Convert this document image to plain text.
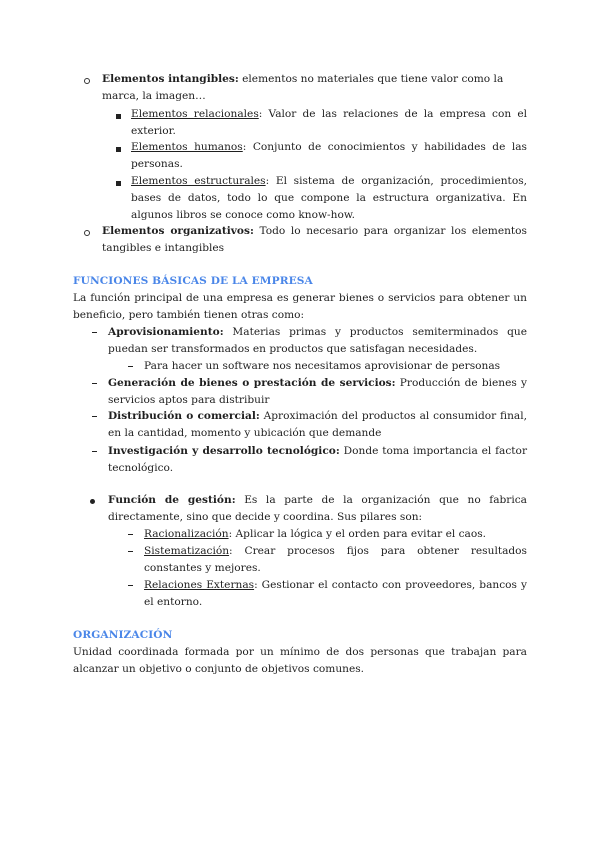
Elementos intangibles: elementos no materiales que tiene valor como la marca, la imagen…
Elementos relacionales: Valor de las relaciones de la empresa con el exterior.
Elementos humanos: Conjunto de conocimientos y habilidades de las personas.
Elementos estructurales: El sistema de organización, procedimientos, bases de datos, todo lo que compone la estructura organizativa. En algunos libros se conoce como know-how.
Elementos organizativos: Todo lo necesario para organizar los elementos tangibles e intangibles
FUNCIONES BÁSICAS DE LA EMPRESA
La función principal de una empresa es generar bienes o servicios para obtener un beneficio, pero también tienen otras como:
Aprovisionamiento: Materias primas y productos semiterminados que puedan ser transformados en productos que satisfagan necesidades.
Para hacer un software nos necesitamos aprovisionar de personas
Generación de bienes o prestación de servicios: Producción de bienes y servicios aptos para distribuir
Distribución o comercial: Aproximación del productos al consumidor final, en la cantidad, momento y ubicación que demande
Investigación y desarrollo tecnológico: Donde toma importancia el factor tecnológico.
Función de gestión: Es la parte de la organización que no fabrica directamente, sino que decide y coordina. Sus pilares son:
Racionalización: Aplicar la lógica y el orden para evitar el caos.
Sistematización: Crear procesos fijos para obtener resultados constantes y mejores.
Relaciones Externas: Gestionar el contacto con proveedores, bancos y el entorno.
ORGANIZACIÓN
Unidad coordinada formada por un mínimo de dos personas que trabajan para alcanzar un objetivo o conjunto de objetivos comunes.
